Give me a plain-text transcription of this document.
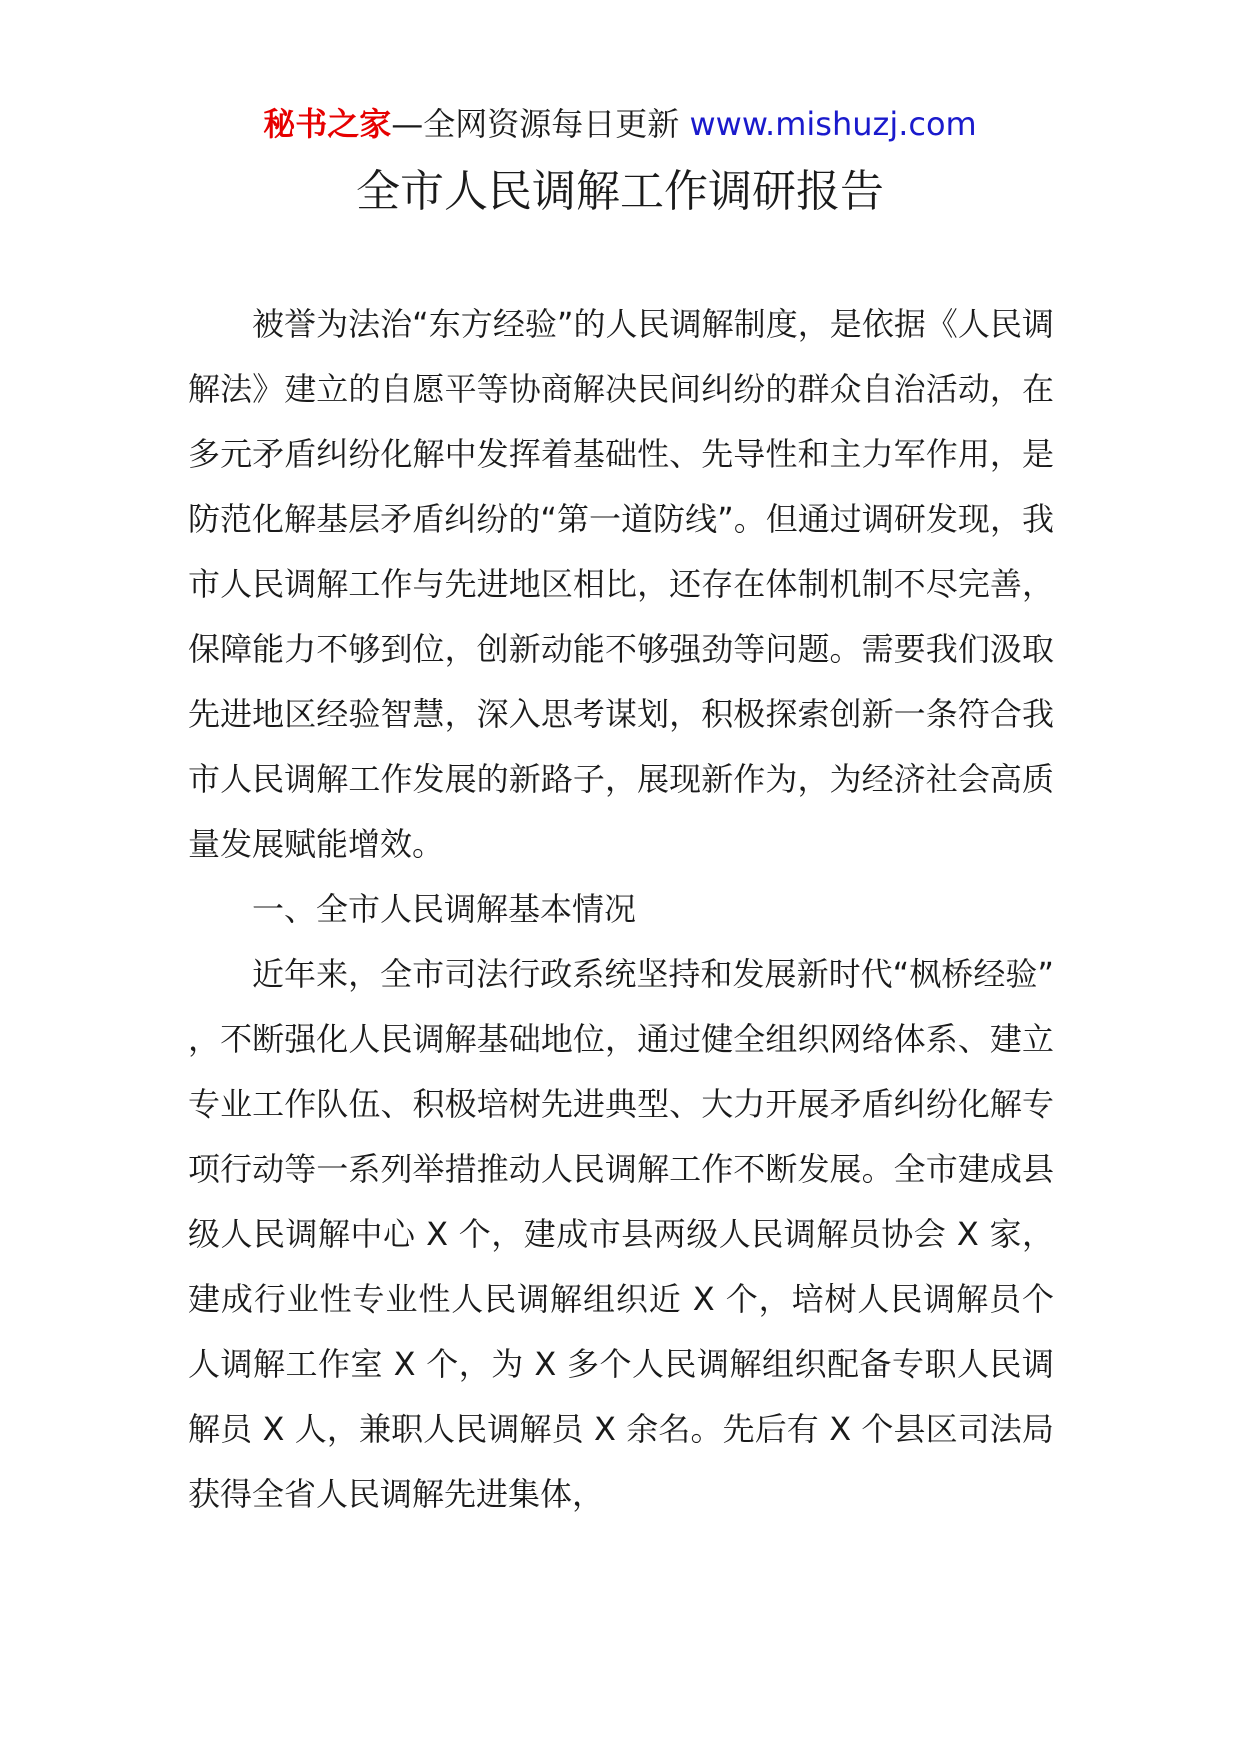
秘书之家—全网资源每日更新 www.mishuzj.com
全市人民调解工作调研报告

被誉为法治“东方经验”的人民调解制度，是依据《人民调解法》建立的自愿平等协商解决民间纠纷的群众自治活动，在多元矛盾纠纷化解中发挥着基础性、先导性和主力军作用，是防范化解基层矛盾纠纷的“第一道防线”。但通过调研发现，我市人民调解工作与先进地区相比，还存在体制机制不尽完善，保障能力不够到位，创新动能不够强劲等问题。需要我们汲取先进地区经验智慧，深入思考谋划，积极探索创新一条符合我市人民调解工作发展的新路子，展现新作为，为经济社会高质量发展赋能增效。

一、全市人民调解基本情况

近年来，全市司法行政系统坚持和发展新时代“枫桥经验”，不断强化人民调解基础地位，通过健全组织网络体系、建立专业工作队伍、积极培树先进典型、大力开展矛盾纠纷化解专项行动等一系列举措推动人民调解工作不断发展。全市建成县级人民调解中心 X 个，建成市县两级人民调解员协会 X 家，建成行业性专业性人民调解组织近 X 个，培树人民调解员个人调解工作室 X 个，为 X 多个人民调解组织配备专职人民调解员 X 人，兼职人民调解员 X 余名。先后有 X 个县区司法局获得全省人民调解先进集体，
